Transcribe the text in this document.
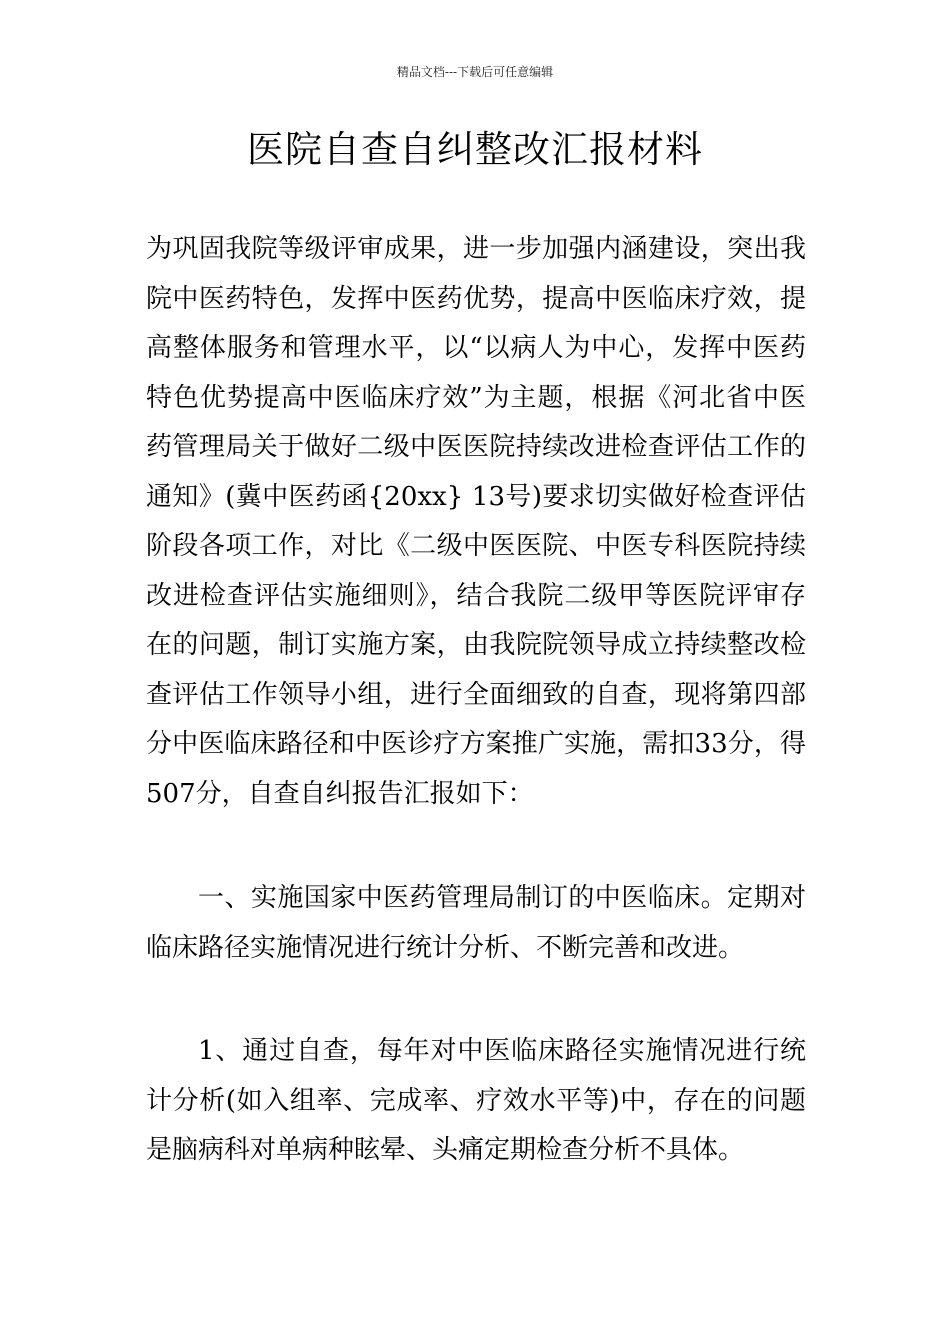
精品文档---下载后可任意编辑
医院自查自纠整改汇报材料

为巩固我院等级评审成果，进一步加强内涵建设，突出我院中医药特色，发挥中医药优势，提高中医临床疗效，提高整体服务和管理水平，以“以病人为中心，发挥中医药特色优势提高中医临床疗效”为主题，根据《河北省中医药管理局关于做好二级中医医院持续改进检查评估工作的通知》(冀中医药函{20xx} 13号)要求切实做好检查评估阶段各项工作，对比《二级中医医院、中医专科医院持续改进检查评估实施细则》，结合我院二级甲等医院评审存在的问题，制订实施方案，由我院院领导成立持续整改检查评估工作领导小组，进行全面细致的自查，现将第四部分中医临床路径和中医诊疗方案推广实施，需扣33分，得507分，自查自纠报告汇报如下：

一、实施国家中医药管理局制订的中医临床。定期对临床路径实施情况进行统计分析、不断完善和改进。

1、通过自查，每年对中医临床路径实施情况进行统计分析(如入组率、完成率、疗效水平等)中，存在的问题是脑病科对单病种眩晕、头痛定期检查分析不具体。
